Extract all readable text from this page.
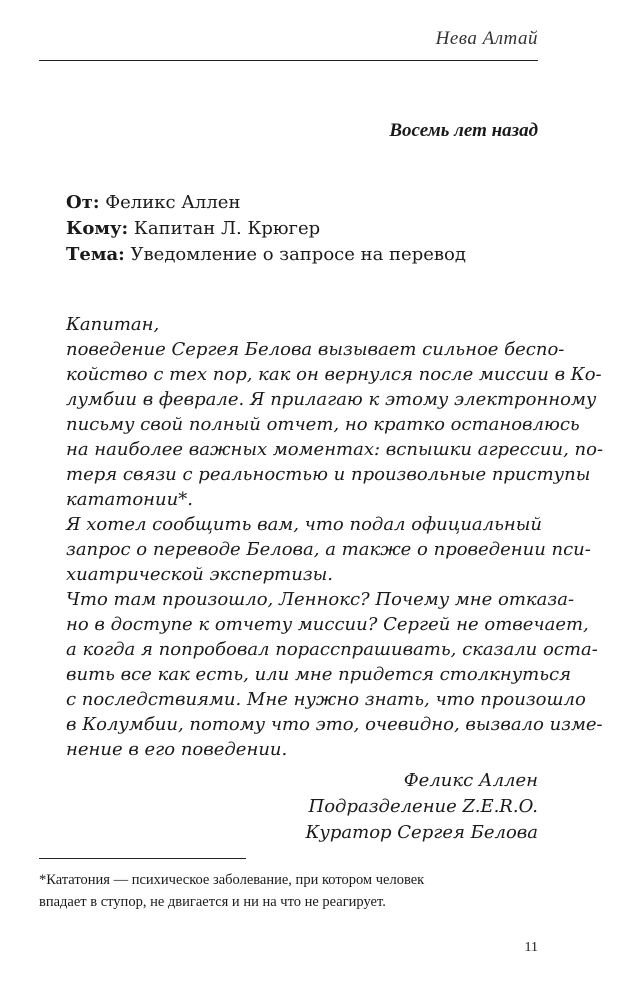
Нева Алтай
Восемь лет назад
От: Феликс Аллен
Кому: Капитан Л. Крюгер
Тема: Уведомление о запросе на перевод
Капитан,
поведение Сергея Белова вызывает сильное беспо-
койство с тех пор, как он вернулся после миссии в Ко-
лумбии в феврале. Я прилагаю к этому электронному
письму свой полный отчет, но кратко остановлюсь
на наиболее важных моментах: вспышки агрессии, по-
теря связи с реальностью и произвольные приступы
кататонии*.
Я хотел сообщить вам, что подал официальный
запрос о переводе Белова, а также о проведении пси-
хиатрической экспертизы.
Что там произошло, Леннокс? Почему мне отказа-
но в доступе к отчету миссии? Сергей не отвечает,
а когда я попробовал порасспрашивать, сказали оста-
вить все как есть, или мне придется столкнуться
с последствиями. Мне нужно знать, что произошло
в Колумбии, потому что это, очевидно, вызвало изме-
нение в его поведении.
Феликс Аллен
Подразделение Z.E.R.O.
Куратор Сергея Белова
*Кататония — психическое заболевание, при котором человек
впадает в ступор, не двигается и ни на что не реагирует.
11
